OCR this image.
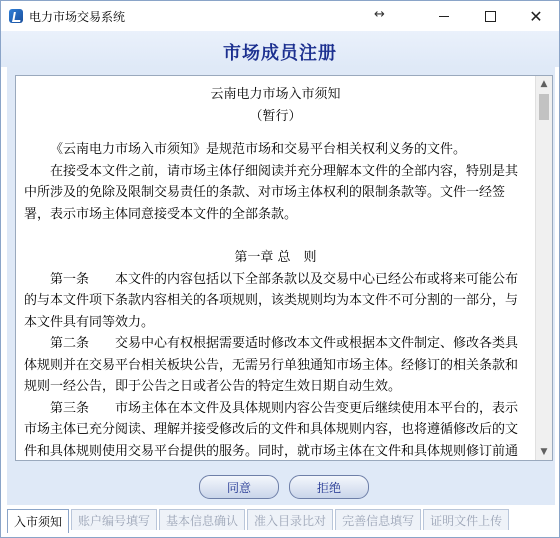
电力市场交易系统	↔	✕
市场成员注册

云南电力市场入市须知

（暂行）

《云南电力市场入市须知》是规范市场和交易平台相关权利义务的文件。

在接受本文件之前，请市场主体仔细阅读并充分理解本文件的全部内容，特别是其中所涉及的免除及限制交易责任的条款、对市场主体权利的限制条款等。文件一经签署，表示市场主体同意接受本文件的全部条款。

第一章 总　则

第一条　　本文件的内容包括以下全部条款以及交易中心已经公布或将来可能公布的与本文件项下条款内容相关的各项规则，该类规则均为本文件不可分割的一部分，与本文件具有同等效力。

第二条　　交易中心有权根据需要适时修改本文件或根据本文件制定、修改各类具体规则并在交易平台相关板块公告，无需另行单独通知市场主体。经修订的相关条款和规则一经公告，即于公告之日或者公告的特定生效日期自动生效。

第三条　　市场主体在本文件及具体规则内容公告变更后继续使用本平台的，表示市场主体已充分阅读、理解并接受修改后的文件和具体规则内容，也将遵循修改后的文件和具体规则使用交易平台提供的服务。同时，就市场主体在文件和具体规则修订前通

▲
▼
同意	拒绝
入市须知	账户编号填写	基本信息确认	准入目录比对	完善信息填写	证明文件上传
